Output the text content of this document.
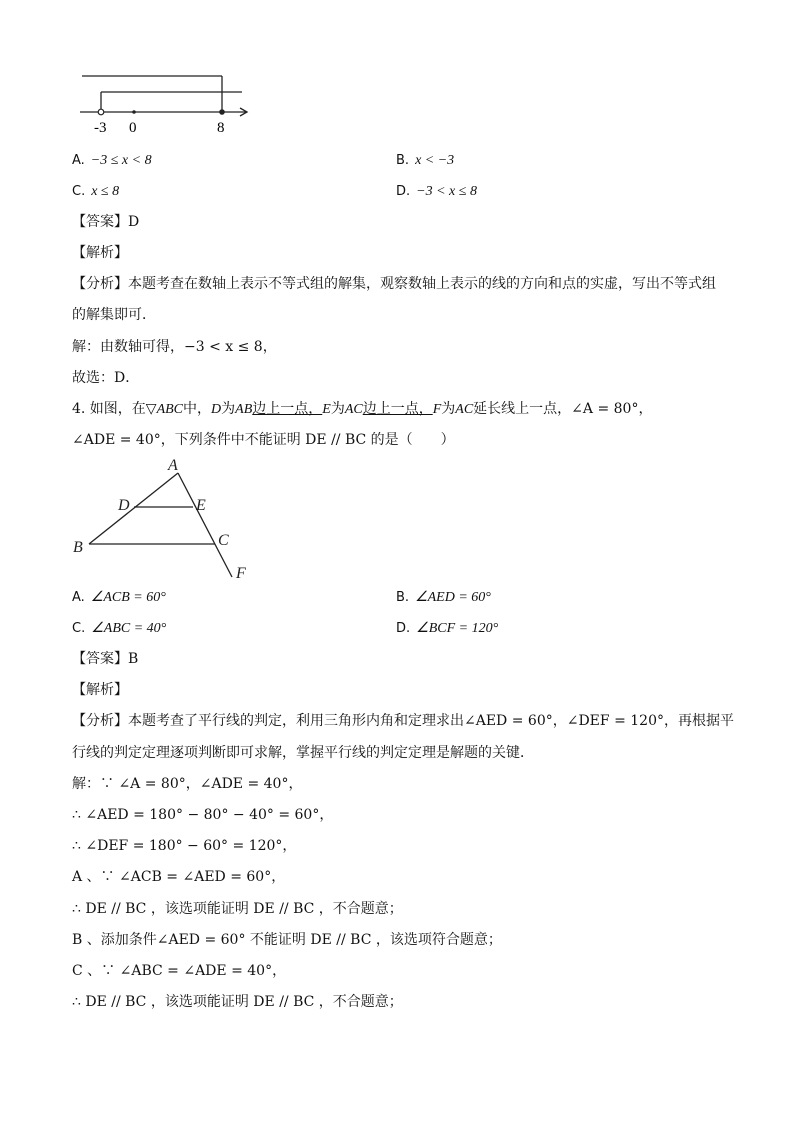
-3 0	8
A. −3 ≤ x < 8	B. x < −3
C. x ≤ 8	D. −3 < x ≤ 8
【答案】D
【解析】
【分析】本题考查在数轴上表示不等式组的解集，观察数轴上表示的线的方向和点的实虚，写出不等式组
的解集即可．
解：由数轴可得，−3 < x ≤ 8，
故选：D．
4. 如图，在▽ABC中，D为AB边上一点，E为AC边上一点，F为AC延长线上一点，∠A = 80°，
∠ADE = 40°，下列条件中不能证明 DE // BC 的是（　　）
A
D	E
B	C
F
A. ∠ACB = 60°	B. ∠AED = 60°
C. ∠ABC = 40°	D. ∠BCF = 120°
【答案】B
【解析】
【分析】本题考查了平行线的判定，利用三角形内角和定理求出∠AED = 60°，∠DEF = 120°，再根据平
行线的判定定理逐项判断即可求解，掌握平行线的判定定理是解题的关键．
解：∵ ∠A = 80°，∠ADE = 40°，
∴ ∠AED = 180° − 80° − 40° = 60°，
∴ ∠DEF = 180° − 60° = 120°，
A 、∵ ∠ACB = ∠AED = 60°，
∴ DE // BC ，该选项能证明 DE // BC ，不合题意；
B 、添加条件∠AED = 60° 不能证明 DE // BC ，该选项符合题意；
C 、∵ ∠ABC = ∠ADE = 40°，
∴ DE // BC ，该选项能证明 DE // BC ，不合题意；
